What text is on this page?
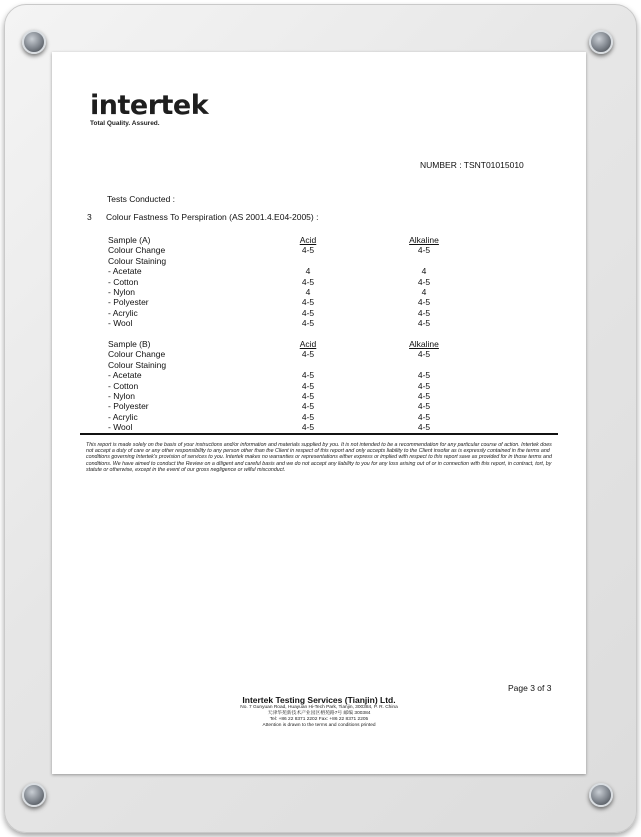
intertek
Total Quality. Assured.
NUMBER : TSNT01015010
Tests Conducted :
3 Colour Fastness To Perspiration (AS 2001.4.E04-2005) :
Sample (A)	Acid	Alkaline
Colour Change	4-5	4-5
Colour Staining
- Acetate	4	4
- Cotton	4-5	4-5
- Nylon	4	4
- Polyester	4-5	4-5
- Acrylic	4-5	4-5
- Wool	4-5	4-5
Sample (B)	Acid	Alkaline
Colour Change	4-5	4-5
Colour Staining
- Acetate	4-5	4-5
- Cotton	4-5	4-5
- Nylon	4-5	4-5
- Polyester	4-5	4-5
- Acrylic	4-5	4-5
- Wool	4-5	4-5
This report is made solely on the basis of your instructions and/or information and materials supplied by you. It is not intended to be a recommendation for any particular course of action. Intertek does not accept a duty of care or any other responsibility to any person other than the Client in respect of this report and only accepts liability to the Client insofar as is expressly contained in the terms and conditions governing Intertek's provision of services to you. Intertek makes no warranties or representations either express or implied with respect to this report save as provided for in those terms and conditions. We have aimed to conduct the Review on a diligent and careful basis and we do not accept any liability to you for any loss arising out of or in connection with this report, in contract, tort, by statute or otherwise, except in the event of our gross negligence or wilful misconduct.
Page 3 of 3
Intertek Testing Services (Tianjin) Ltd.
No. 7 Gunyuan Road, Huayuan Hi-Tech Park, Tianjin, 300384, P. R. China
天津华苑新技术产业园区榕苑路7号 邮编 300384
Tel: +86 22 8371 2202 Fax: +86 22 8371 2205
Attention is drawn to the terms and conditions printed
